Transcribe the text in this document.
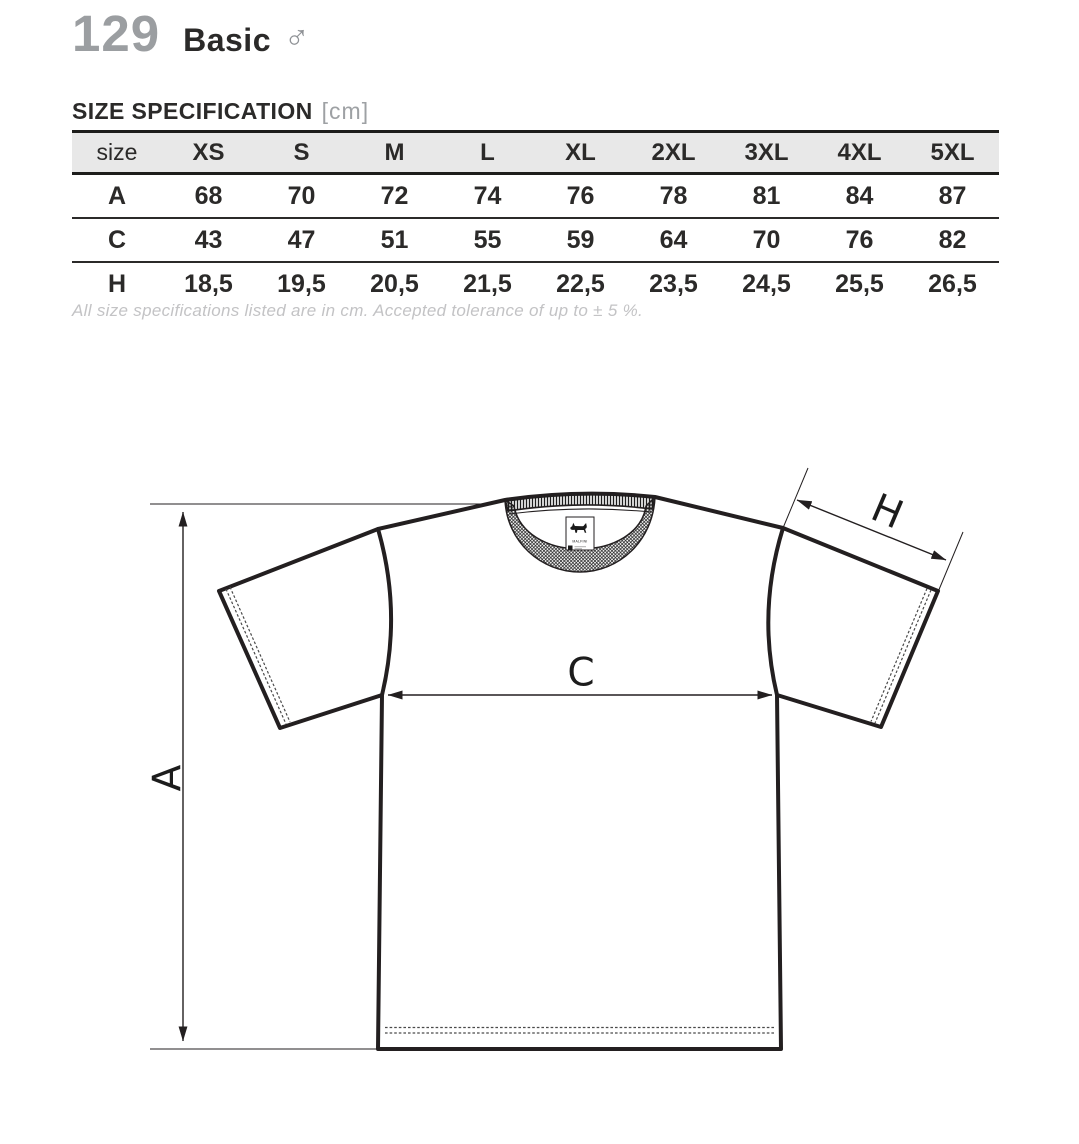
129 Basic ♂
SIZE SPECIFICATION [cm]
size	XS	S	M	L	XL	2XL	3XL	4XL	5XL
A	68	70	72	74	76	78	81	84	87
C	43	47	51	55	59	64	70	76	82
H	18,5	19,5	20,5	21,5	22,5	23,5	24,5	25,5	26,5

All size specifications listed are in cm. Accepted tolerance of up to ± 5 %.

MALFINI
A
C
H
